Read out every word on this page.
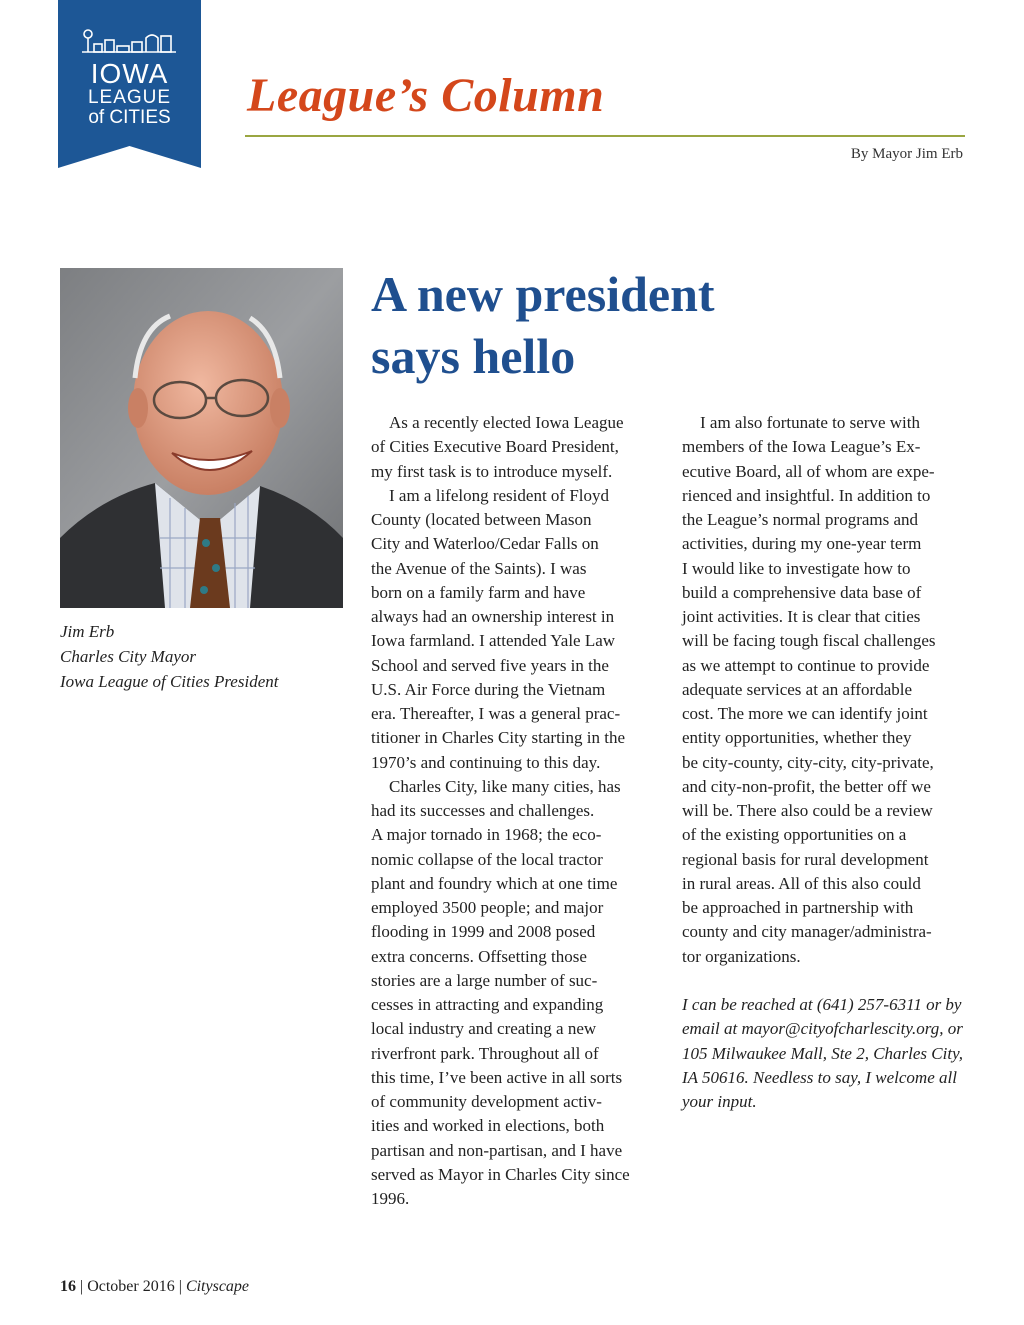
IOWA
LEAGUE
of CITIES	League’s Column
By Mayor Jim Erb
Jim Erb
Charles City Mayor
Iowa League of Cities President
A new president
says hello
As a recently elected Iowa League
of Cities Executive Board President,
my first task is to introduce myself.
I am a lifelong resident of Floyd
County (located between Mason
City and Waterloo/Cedar Falls on
the Avenue of the Saints). I was
born on a family farm and have
always had an ownership interest in
Iowa farmland. I attended Yale Law
School and served five years in the
U.S. Air Force during the Vietnam
era. Thereafter, I was a general prac-
titioner in Charles City starting in the
1970’s and continuing to this day.
Charles City, like many cities, has
had its successes and challenges.
A major tornado in 1968; the eco-
nomic collapse of the local tractor
plant and foundry which at one time
employed 3500 people; and major
flooding in 1999 and 2008 posed
extra concerns. Offsetting those
stories are a large number of suc-
cesses in attracting and expanding
local industry and creating a new
riverfront park. Throughout all of
this time, I’ve been active in all sorts
of community development activ-
ities and worked in elections, both
partisan and non-partisan, and I have
served as Mayor in Charles City since
1996.
I am also fortunate to serve with
members of the Iowa League’s Ex-
ecutive Board, all of whom are expe-
rienced and insightful. In addition to
the League’s normal programs and
activities, during my one-year term
I would like to investigate how to
build a comprehensive data base of
joint activities. It is clear that cities
will be facing tough fiscal challenges
as we attempt to continue to provide
adequate services at an affordable
cost. The more we can identify joint
entity opportunities, whether they
be city-county, city-city, city-private,
and city-non-profit, the better off we
will be. There also could be a review
of the existing opportunities on a
regional basis for rural development
in rural areas. All of this also could
be approached in partnership with
county and city manager/administra-
tor organizations.
I can be reached at (641) 257-6311 or by
email at mayor@cityofcharlescity.org, or
105 Milwaukee Mall, Ste 2, Charles City,
IA 50616. Needless to say, I welcome all
your input.
16 | October 2016 | Cityscape
